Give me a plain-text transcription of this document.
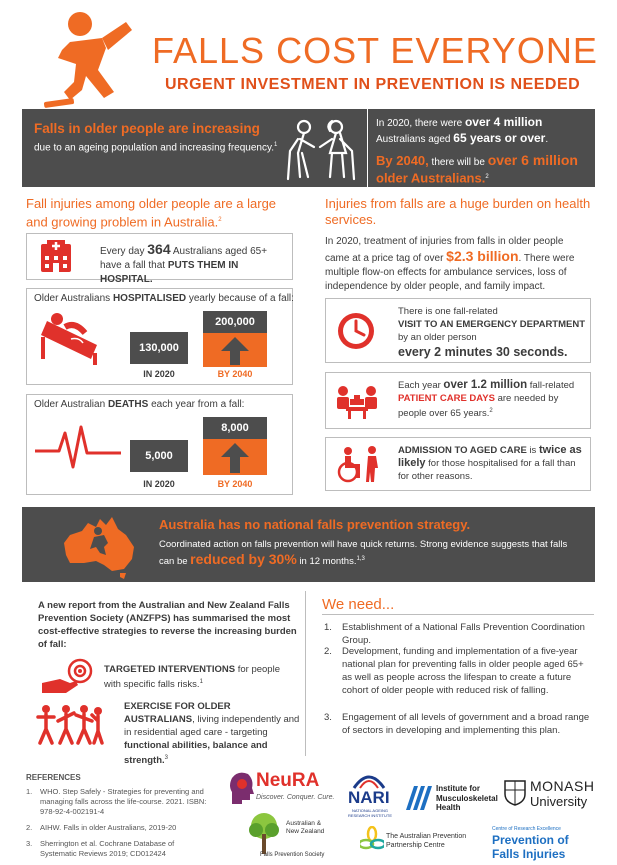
FALLS COST EVERYONE
URGENT INVESTMENT IN PREVENTION IS NEEDED
Falls in older people are increasing

due to an ageing population and increasing frequency.$^1$

In 2020, there were over 4 million
Australians aged 65 years or over.
By 2040, there will be over 6 million
older Australians.$^2$
Fall injuries among older people are a large and growing problem in Australia.$^2$
Every day 364 Australians aged 65+ have a fall that PUTS THEM IN HOSPITAL.
Older Australians HOSPITALISED yearly because of a fall:
130,000
IN 2020
200,000
BY 2040
Older Australian DEATHS each year from a fall:
5,000
IN 2020
8,000
BY 2040
Injuries from falls are a huge burden on health services.
In 2020, treatment of injuries from falls in older people came at a price tag of over $2.3 billion. There were multiple flow-on effects for ambulance services, loss of independence by older people, and family impact.
There is one fall-related
VISIT TO AN EMERGENCY DEPARTMENT
by an older person
every 2 minutes 30 seconds.
Each year over 1.2 million fall-related PATIENT CARE DAYS are needed by people over 65 years.$^2$
ADMISSION TO AGED CARE is twice as likely for those hospitalised for a fall than for other reasons.
Australia has no national falls prevention strategy.

Coordinated action on falls prevention will have quick returns. Strong evidence suggests that falls can be reduced by 30% in 12 months.$^{1,3}$

A new report from the Australian and New Zealand Falls Prevention Society (ANZFPS) has summarised the most cost-effective strategies to reverse the increasing burden of fall:
TARGETED INTERVENTIONS for people with specific falls risks.$^1$
EXERCISE FOR OLDER AUSTRALIANS, living independently and in residential aged care - targeting functional abilities, balance and strength.$^3$
We need...
1. Establishment of a National Falls Prevention Coordination Group.
2. Development, funding and implementation of a five-year national plan for preventing falls in older people aged 65+ as well as people across the lifespan to create a future cohort of older people with reduced risk of falling.
3. Engagement of all levels of government and a broad range of sectors in developing and implementing this plan.
REFERENCES
1. WHO. Step Safely - Strategies for preventing and managing falls across the life-course. 2021. ISBN: 978-92-4-002191-4
2. AIHW. Falls in older Australians, 2019-20
3. Sherrington et al. Cochrane Database of Systematic Reviews 2019; CD012424
NeuRA
Discover. Conquer. Cure. NARI
NATIONAL AGEING RESEARCH INSTITUTE
Institute for
Musculoskeletal
Health
MONASH
University
Australian &
New Zealand
Falls Prevention Society
The Australian Prevention
Partnership Centre
Centre of Research Excellence
Prevention of
Falls Injuries
